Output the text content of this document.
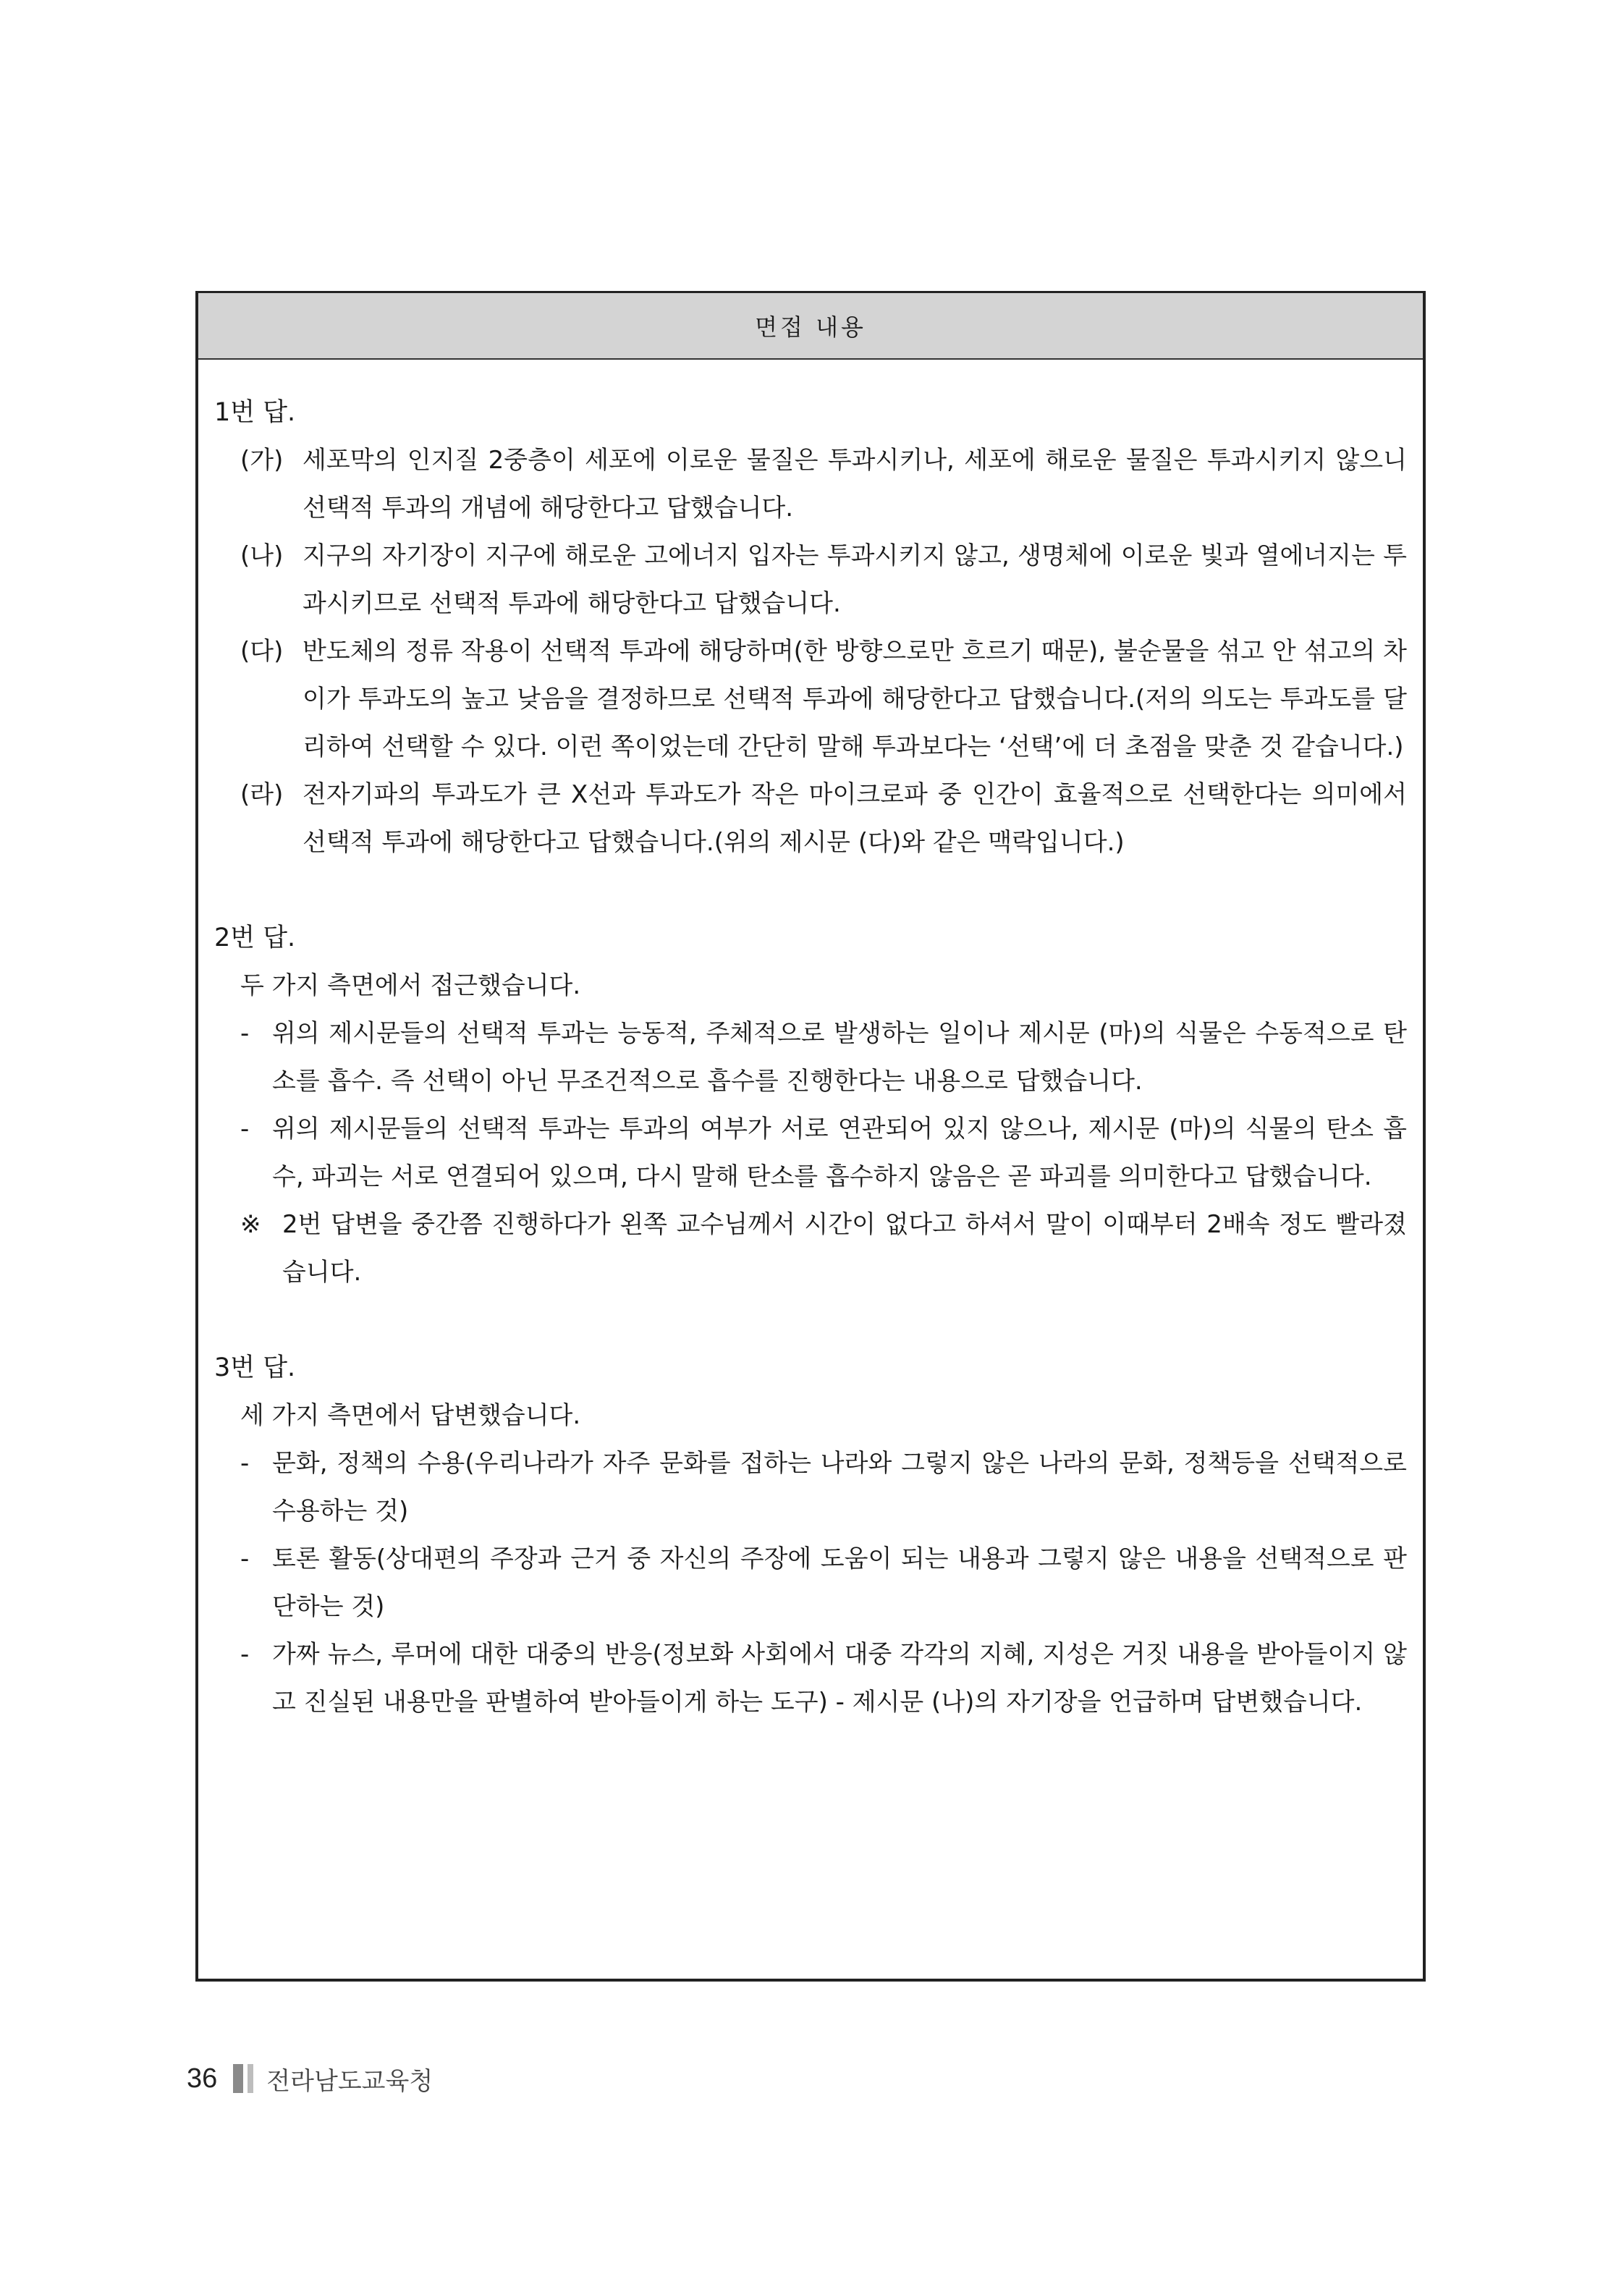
면접 내용

1번 답.

(가) 세포막의 인지질 2중층이 세포에 이로운 물질은 투과시키나, 세포에 해로운 물질은 투과시키지 않으니 선택적 투과의 개념에 해당한다고 답했습니다.
(나) 지구의 자기장이 지구에 해로운 고에너지 입자는 투과시키지 않고, 생명체에 이로운 빛과 열에너지는 투과시키므로 선택적 투과에 해당한다고 답했습니다.
(다) 반도체의 정류 작용이 선택적 투과에 해당하며(한 방향으로만 흐르기 때문), 불순물을 섞고 안 섞고의 차이가 투과도의 높고 낮음을 결정하므로 선택적 투과에 해당한다고 답했습니다.(저의 의도는 투과도를 달리하여 선택할 수 있다. 이런 쪽이었는데 간단히 말해 투과보다는 ‘선택’에 더 초점을 맞춘 것 같습니다.)
(라) 전자기파의 투과도가 큰 X선과 투과도가 작은 마이크로파 중 인간이 효율적으로 선택한다는 의미에서 선택적 투과에 해당한다고 답했습니다.(위의 제시문 (다)와 같은 맥락입니다.)

2번 답.

두 가지 측면에서 접근했습니다.
- 위의 제시문들의 선택적 투과는 능동적, 주체적으로 발생하는 일이나 제시문 (마)의 식물은 수동적으로 탄소를 흡수. 즉 선택이 아닌 무조건적으로 흡수를 진행한다는 내용으로 답했습니다.
- 위의 제시문들의 선택적 투과는 투과의 여부가 서로 연관되어 있지 않으나, 제시문 (마)의 식물의 탄소 흡수, 파괴는 서로 연결되어 있으며, 다시 말해 탄소를 흡수하지 않음은 곧 파괴를 의미한다고 답했습니다.
※ 2번 답변을 중간쯤 진행하다가 왼쪽 교수님께서 시간이 없다고 하셔서 말이 이때부터 2배속 정도 빨라졌습니다.

3번 답.

세 가지 측면에서 답변했습니다.
- 문화, 정책의 수용(우리나라가 자주 문화를 접하는 나라와 그렇지 않은 나라의 문화, 정책등을 선택적으로 수용하는 것)
- 토론 활동(상대편의 주장과 근거 중 자신의 주장에 도움이 되는 내용과 그렇지 않은 내용을 선택적으로 판단하는 것)
- 가짜 뉴스, 루머에 대한 대중의 반응(정보화 사회에서 대중 각각의 지혜, 지성은 거짓 내용을 받아들이지 않고 진실된 내용만을 판별하여 받아들이게 하는 도구) - 제시문 (나)의 자기장을 언급하며 답변했습니다.
36 전라남도교육청
